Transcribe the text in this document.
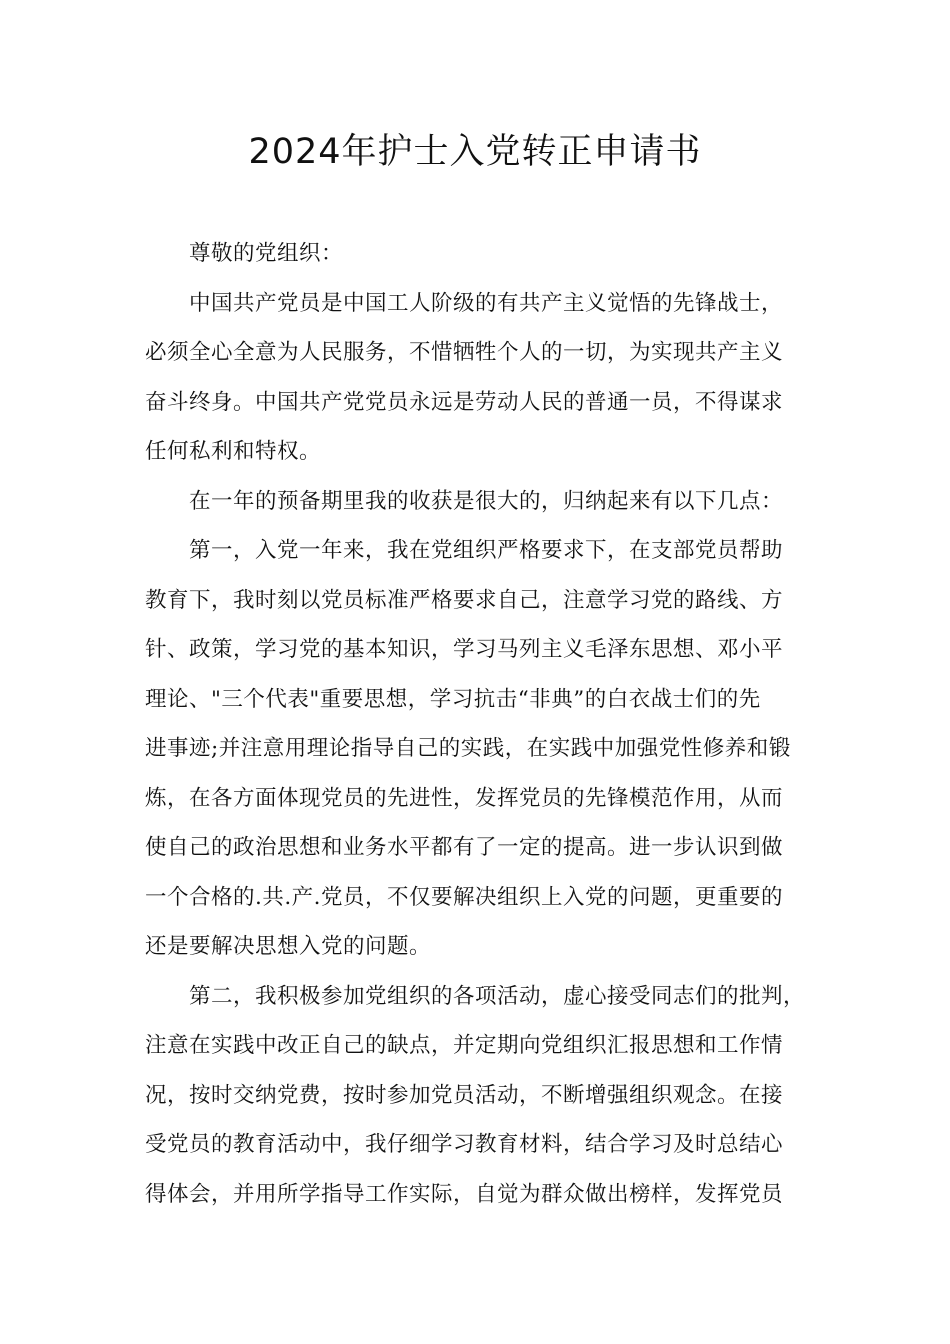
2024年护士入党转正申请书
尊敬的党组织：
中国共产党员是中国工人阶级的有共产主义觉悟的先锋战士，
必须全心全意为人民服务，不惜牺牲个人的一切，为实现共产主义
奋斗终身。中国共产党党员永远是劳动人民的普通一员，不得谋求
任何私利和特权。
在一年的预备期里我的收获是很大的，归纳起来有以下几点：
第一，入党一年来，我在党组织严格要求下，在支部党员帮助
教育下，我时刻以党员标准严格要求自己，注意学习党的路线、方
针、政策，学习党的基本知识，学习马列主义毛泽东思想、邓小平
理论、"三个代表"重要思想，学习抗击“非典”的白衣战士们的先
进事迹;并注意用理论指导自己的实践，在实践中加强党性修养和锻
炼，在各方面体现党员的先进性，发挥党员的先锋模范作用，从而
使自己的政治思想和业务水平都有了一定的提高。进一步认识到做
一个合格的.共.产.党员，不仅要解决组织上入党的问题，更重要的
还是要解决思想入党的问题。
第二，我积极参加党组织的各项活动，虚心接受同志们的批判，
注意在实践中改正自己的缺点，并定期向党组织汇报思想和工作情
况，按时交纳党费，按时参加党员活动，不断增强组织观念。在接
受党员的教育活动中，我仔细学习教育材料，结合学习及时总结心
得体会，并用所学指导工作实际，自觉为群众做出榜样，发挥党员
